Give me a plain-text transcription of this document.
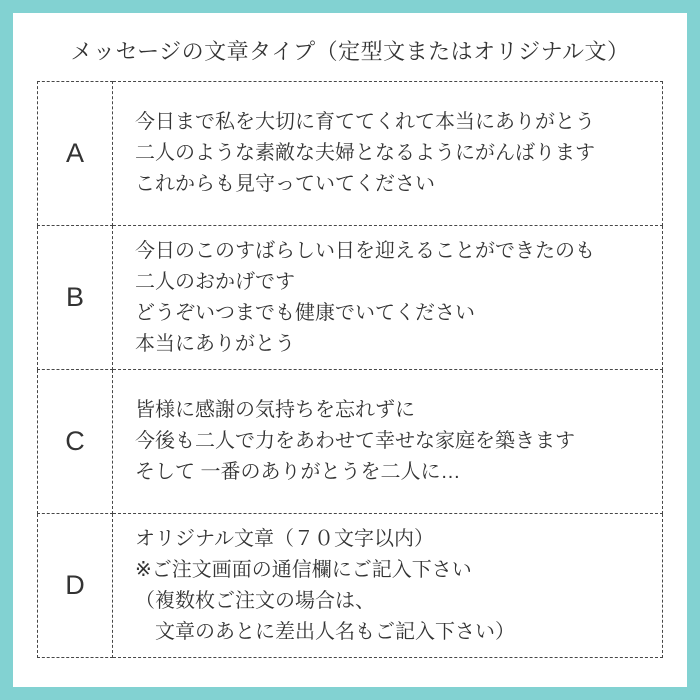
メッセージの文章タイプ（定型文またはオリジナル文）
A	今日まで私を大切に育ててくれて本当にありがとう
二人のような素敵な夫婦となるようにがんばります
これからも見守っていてください

B	今日のこのすばらしい日を迎えることができたのも
二人のおかげです
どうぞいつまでも健康でいてください
本当にありがとう

C	皆様に感謝の気持ちを忘れずに
今後も二人で力をあわせて幸せな家庭を築きます
そして 一番のありがとうを二人に…

D	オリジナル文章（７０文字以内）
※ご注文画面の通信欄にご記入下さい
（複数枚ご注文の場合は、
　文章のあとに差出人名もご記入下さい）
